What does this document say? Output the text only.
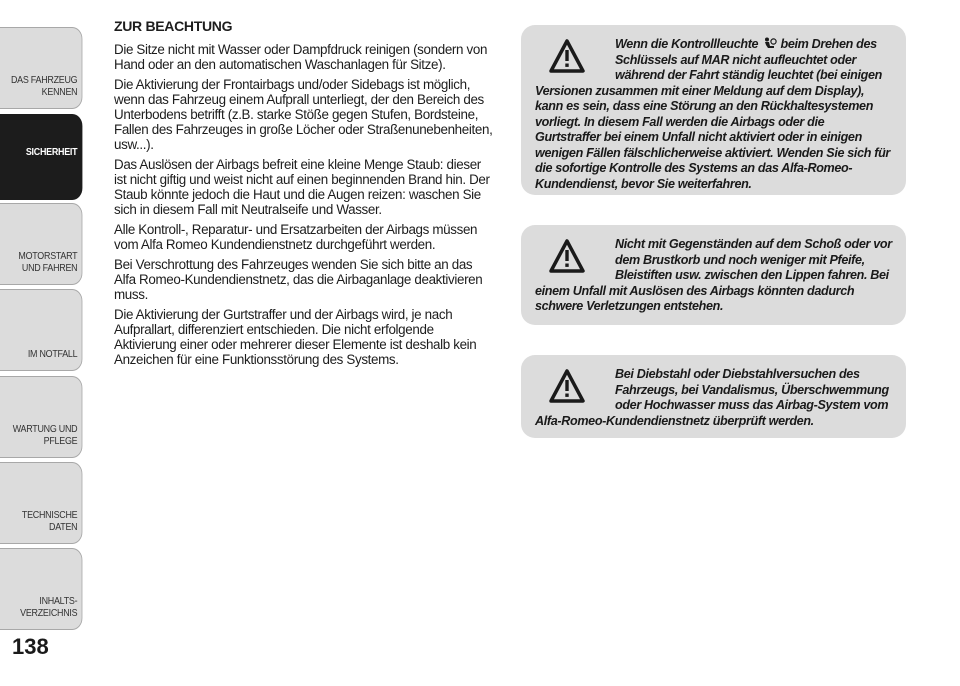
DAS FAHRZEUG KENNEN
SICHERHEIT
MOTORSTART UND FAHREN
IM NOTFALL
WARTUNG UND PFLEGE
TECHNISCHE DATEN
INHALTS-VERZEICHNIS
138
ZUR BEACHTUNG

Die Sitze nicht mit Wasser oder Dampfdruck reinigen (sondern von Hand oder an den automatischen Waschanlagen für Sitze).

Die Aktivierung der Frontairbags und/oder Sidebags ist möglich, wenn das Fahrzeug einem Aufprall unterliegt, der den Bereich des Unterbodens betrifft (z.B. starke Stöße gegen Stufen, Bordsteine, Fallen des Fahrzeuges in große Löcher oder Straßenunebenheiten, usw...).

Das Auslösen der Airbags befreit eine kleine Menge Staub: dieser ist nicht giftig und weist nicht auf einen beginnenden Brand hin. Der Staub könnte jedoch die Haut und die Augen reizen: waschen Sie sich in diesem Fall mit Neutralseife und Wasser.

Alle Kontroll-, Reparatur- und Ersatzarbeiten der Airbags müssen vom Alfa Romeo Kundendienstnetz durchgeführt werden.

Bei Verschrottung des Fahrzeuges wenden Sie sich bitte an das Alfa Romeo-Kundendienstnetz, das die Airbaganlage deaktivieren muss.

Die Aktivierung der Gurtstraffer und der Airbags wird, je nach Aufprallart, differenziert entschieden. Die nicht erfolgende Aktivierung einer oder mehrerer dieser Elemente ist deshalb kein Anzeichen für eine Funktionsstörung des Systems.

Wenn die Kontrollleuchte beim Drehen des Schlüssels auf MAR nicht aufleuchtet oder während der Fahrt ständig leuchtet (bei einigen Versionen zusammen mit einer Meldung auf dem Display), kann es sein, dass eine Störung an den Rückhaltesystemen vorliegt. In diesem Fall werden die Airbags oder die Gurtstraffer bei einem Unfall nicht aktiviert oder in einigen wenigen Fällen fälschlicherweise aktiviert. Wenden Sie sich für die sofortige Kontrolle des Systems an das Alfa-Romeo-Kundendienst, bevor Sie weiterfahren.

Nicht mit Gegenständen auf dem Schoß oder vor dem Brustkorb und noch weniger mit Pfeife, Bleistiften usw. zwischen den Lippen fahren. Bei einem Unfall mit Auslösen des Airbags könnten dadurch schwere Verletzungen entstehen.

Bei Diebstahl oder Diebstahlversuchen des Fahrzeugs, bei Vandalismus, Überschwemmung oder Hochwasser muss das Airbag-System vom Alfa-Romeo-Kundendienstnetz überprüft werden.
